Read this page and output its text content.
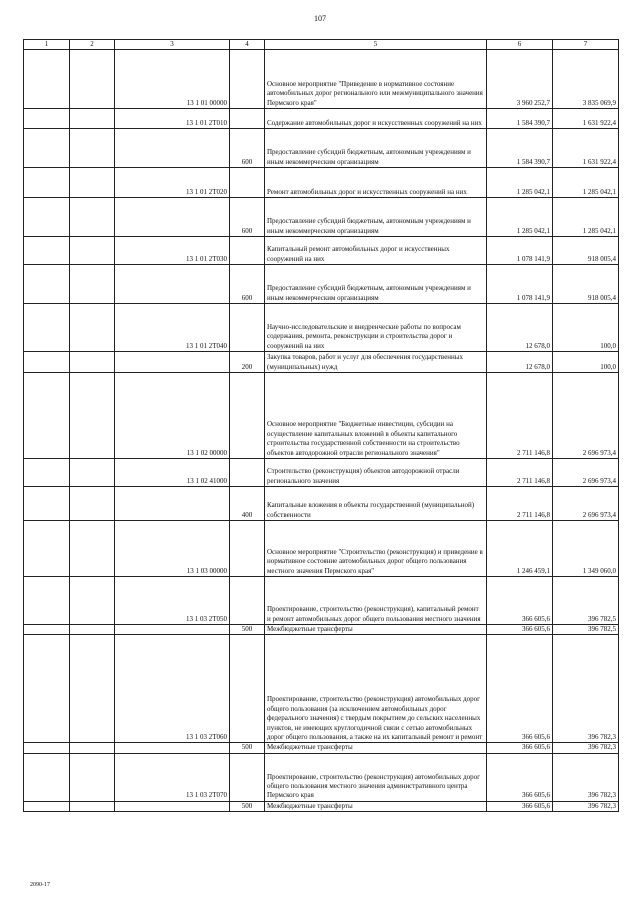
107
1	2	3	4	5	6	7
		13 1 01 00000		Основное мероприятие "Приведение в нормативное состояние автомобильных дорог регионального или межмуниципального значения Пермского края"	3 960 252,7	3 835 069,9
		13 1 01 2Т010		Содержание автомобильных дорог и искусственных сооружений на них	1 584 390,7	1 631 922,4
			600	Предоставление субсидий бюджетным, автономным учреждениям и иным некоммерческим организациям	1 584 390,7	1 631 922,4
		13 1 01 2Т020		Ремонт автомобильных дорог и искусственных сооружений на них	1 285 042,1	1 285 042,1
			600	Предоставление субсидий бюджетным, автономным учреждениям и иным некоммерческим организациям	1 285 042,1	1 285 042,1
		13 1 01 2Т030		Капитальный ремонт автомобильных дорог и искусственных сооружений на них	1 078 141,9	918 005,4
			600	Предоставление субсидий бюджетным, автономным учреждениям и иным некоммерческим организациям	1 078 141,9	918 005,4
		13 1 01 2Т040		Научно-исследовательские и внедренческие работы по вопросам содержания, ремонта, реконструкции и строительства дорог и сооружений на них	12 678,0	100,0
			200	Закупка товаров, работ и услуг для обеспечения государственных (муниципальных) нужд	12 678,0	100,0
		13 1 02 00000		Основное мероприятие "Бюджетные инвестиции, субсидии на осуществление капитальных вложений в объекты капитального строительства государственной собственности на строительство объектов автодорожной отрасли регионального значения"	2 711 146,8	2 696 973,4
		13 1 02 41000		Строительство (реконструкция) объектов автодорожной отрасли регионального значения	2 711 146,8	2 696 973,4
			400	Капитальные вложения в объекты государственной (муниципальной) собственности	2 711 146,8	2 696 973,4
		13 1 03 00000		Основное мероприятие "Строительство (реконструкция) и приведение в нормативное состояние автомобильных дорог общего пользования местного значения Пермского края"	1 246 459,1	1 349 060,0
		13 1 03 2Т050		Проектирование, строительство (реконструкция), капитальный ремонт и ремонт автомобильных дорог общего пользования местного значения	366 605,6	396 782,5
			500	Межбюджетные трансферты	366 605,6	396 782,5
		13 1 03 2Т060		Проектирование, строительство (реконструкция) автомобильных дорог общего пользования (за исключением автомобильных дорог федерального значения) с твердым покрытием до сельских населенных пунктов, не имеющих круглогодичной связи с сетью автомобильных дорог общего пользования, а также на их капитальный ремонт и ремонт	366 605,6	396 782,3
			500	Межбюджетные трансферты	366 605,6	396 782,3
		13 1 03 2Т070		Проектирование, строительство (реконструкция) автомобильных дорог общего пользования местного значения административного центра Пермского края	366 605,6	396 782,3
			500	Межбюджетные трансферты	366 605,6	396 782,3
2090-17
